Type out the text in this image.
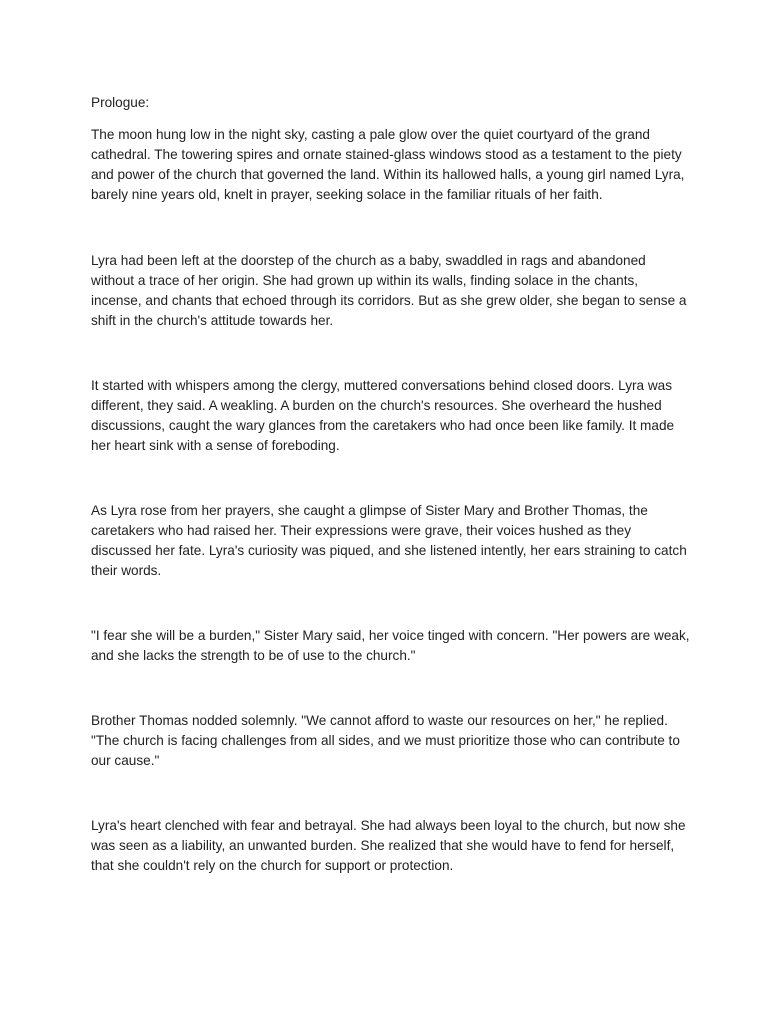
Prologue:

The moon hung low in the night sky, casting a pale glow over the quiet courtyard of the grand cathedral. The towering spires and ornate stained-glass windows stood as a testament to the piety and power of the church that governed the land. Within its hallowed halls, a young girl named Lyra, barely nine years old, knelt in prayer, seeking solace in the familiar rituals of her faith.

Lyra had been left at the doorstep of the church as a baby, swaddled in rags and abandoned without a trace of her origin. She had grown up within its walls, finding solace in the chants, incense, and chants that echoed through its corridors. But as she grew older, she began to sense a shift in the church's attitude towards her.

It started with whispers among the clergy, muttered conversations behind closed doors. Lyra was different, they said. A weakling. A burden on the church's resources. She overheard the hushed discussions, caught the wary glances from the caretakers who had once been like family. It made her heart sink with a sense of foreboding.

As Lyra rose from her prayers, she caught a glimpse of Sister Mary and Brother Thomas, the caretakers who had raised her. Their expressions were grave, their voices hushed as they discussed her fate. Lyra's curiosity was piqued, and she listened intently, her ears straining to catch their words.

"I fear she will be a burden," Sister Mary said, her voice tinged with concern. "Her powers are weak, and she lacks the strength to be of use to the church."

Brother Thomas nodded solemnly. "We cannot afford to waste our resources on her," he replied. "The church is facing challenges from all sides, and we must prioritize those who can contribute to our cause."

Lyra's heart clenched with fear and betrayal. She had always been loyal to the church, but now she was seen as a liability, an unwanted burden. She realized that she would have to fend for herself, that she couldn't rely on the church for support or protection.
